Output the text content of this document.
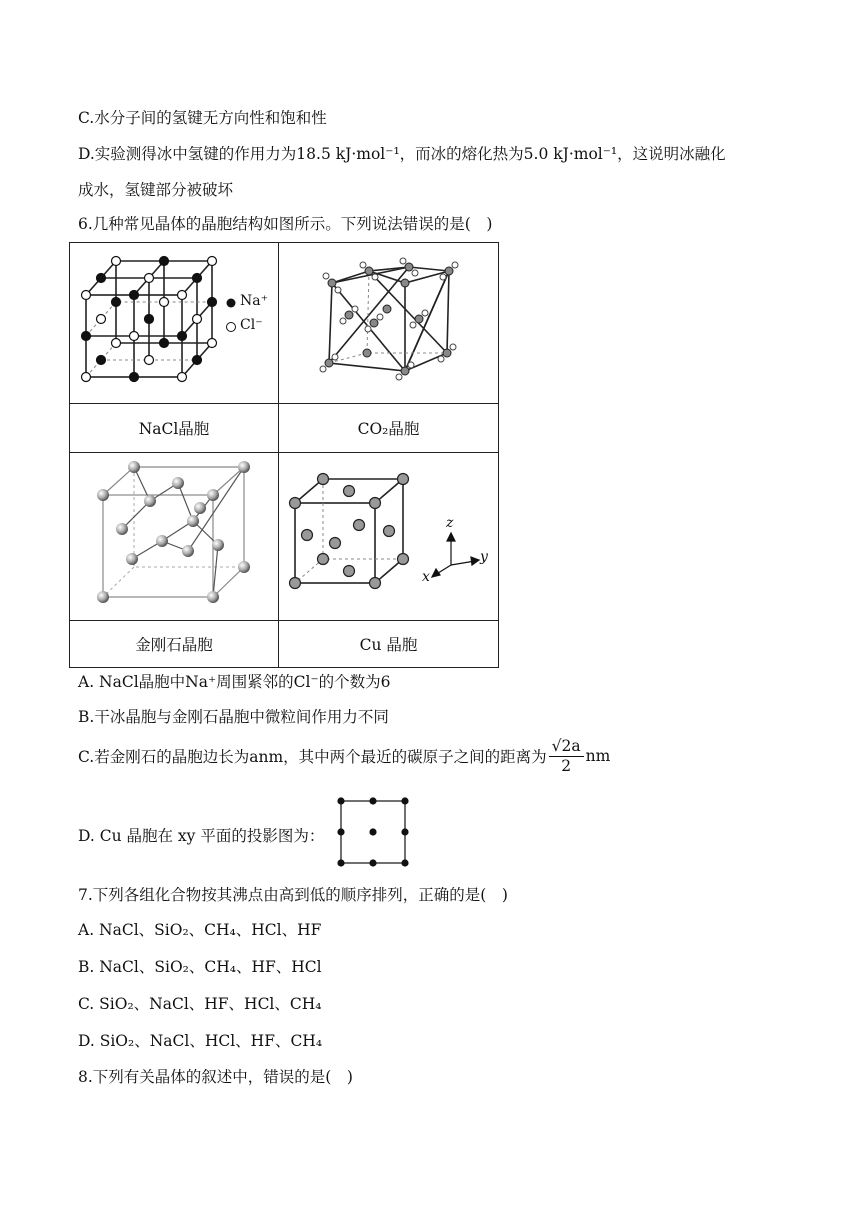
C.水分子间的氢键无方向性和饱和性
D.实验测得冰中氢键的作用力为18.5 kJ·mol⁻¹，而冰的熔化热为5.0 kJ·mol⁻¹，这说明冰融化
成水，氢键部分被破坏
6.几种常见晶体的晶胞结构如图所示。下列说法错误的是(　)
Na⁺
Cl⁻
NaCl晶胞	CO₂晶胞
z
y
x
金刚石晶胞	Cu 晶胞
A. NaCl晶胞中Na⁺周围紧邻的Cl⁻的个数为6
B.干冰晶胞与金刚石晶胞中微粒间作用力不同
C.若金刚石的晶胞边长为anm，其中两个最近的碳原子之间的距离为 $\frac{√2a}{2}$ nm
D. Cu 晶胞在 xy 平面的投影图为：
7.下列各组化合物按其沸点由高到低的顺序排列，正确的是(　)
A. NaCl、SiO₂、CH₄、HCl、HF
B. NaCl、SiO₂、CH₄、HF、HCl
C. SiO₂、NaCl、HF、HCl、CH₄
D. SiO₂、NaCl、HCl、HF、CH₄
8.下列有关晶体的叙述中，错误的是(　)
